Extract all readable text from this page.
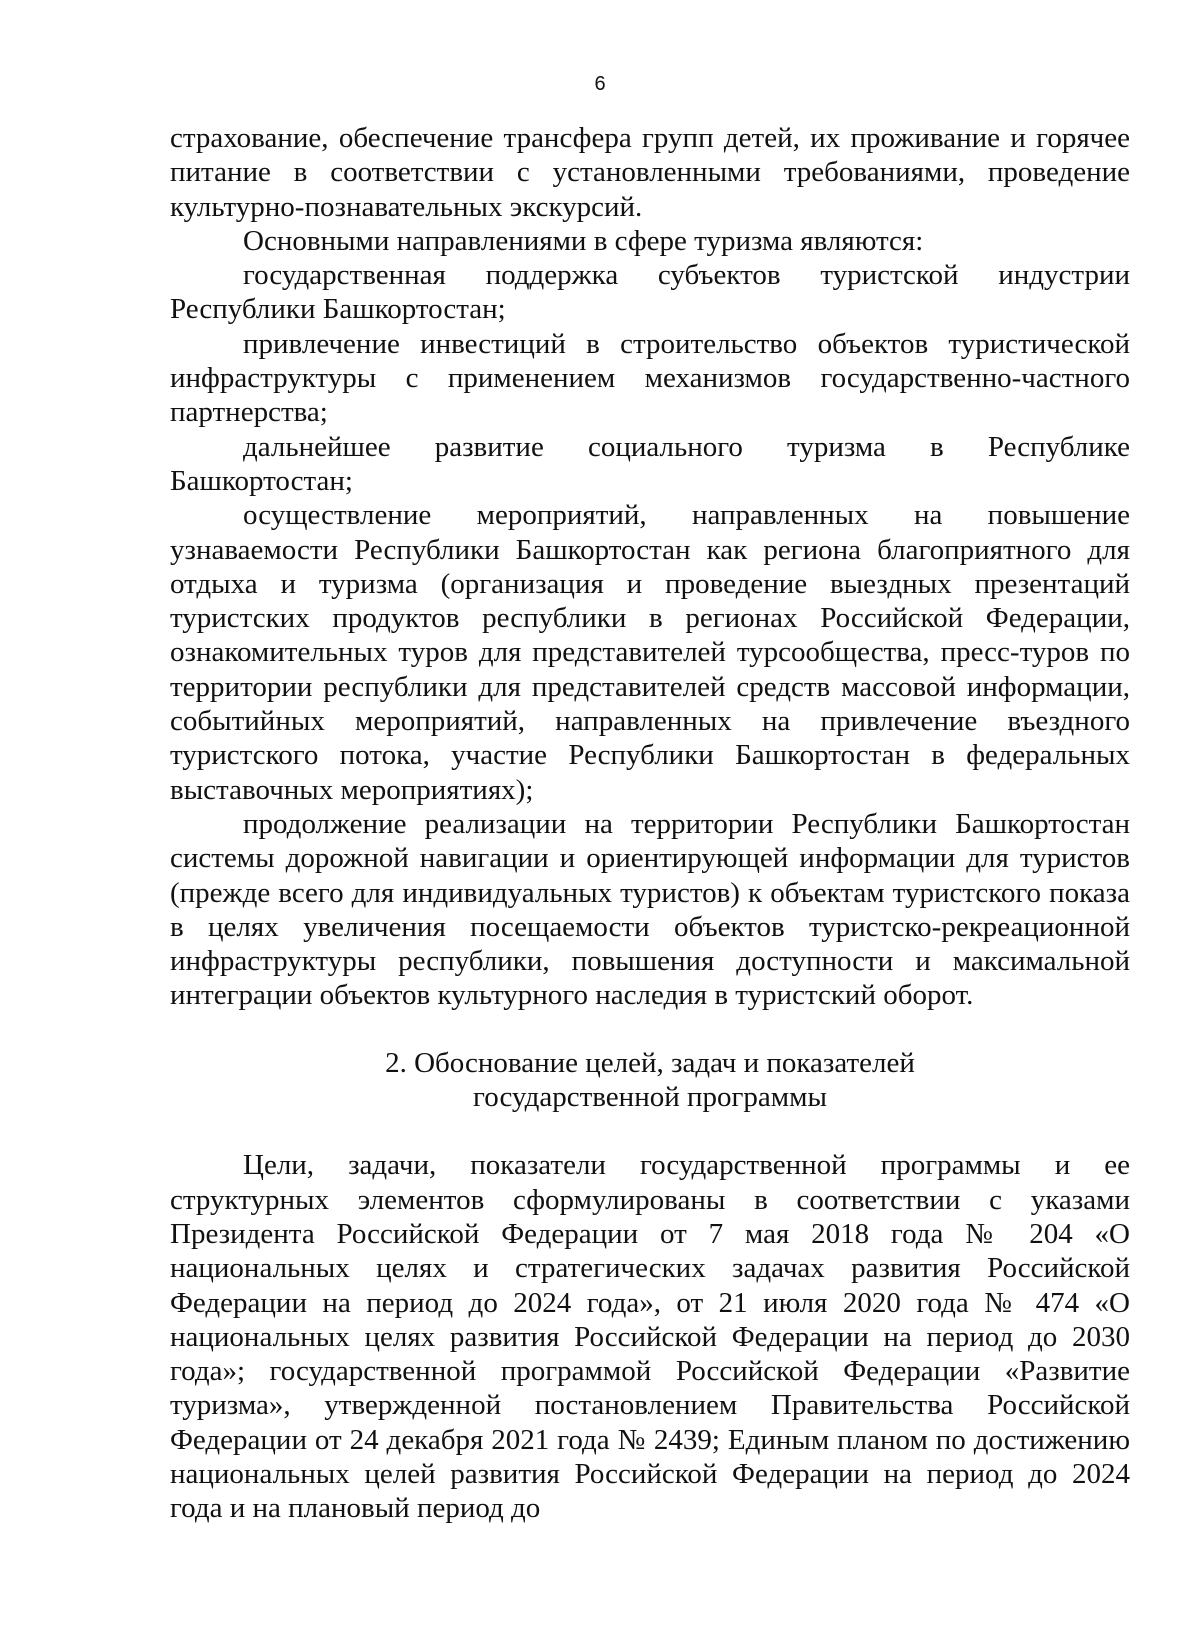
6

страхование, обеспечение трансфера групп детей, их проживание и горячее питание в соответствии с установленными требованиями, проведение культурно-познавательных экскурсий.

Основными направлениями в сфере туризма являются:

государственная поддержка субъектов туристской индустрии Республики Башкортостан;

привлечение инвестиций в строительство объектов туристической инфраструктуры с применением механизмов государственно-частного партнерства;

дальнейшее развитие социального туризма в Республике Башкортостан;

осуществление мероприятий, направленных на повышение узнаваемости Республики Башкортостан как региона благоприятного для отдыха и туризма (организация и проведение выездных презентаций туристских продуктов республики в регионах Российской Федерации, ознакомительных туров для представителей турсообщества, пресс-туров по территории республики для представителей средств массовой информации, событийных мероприятий, направленных на привлечение въездного туристского потока, участие Республики Башкортостан в федеральных выставочных мероприятиях);

продолжение реализации на территории Республики Башкортостан системы дорожной навигации и ориентирующей информации для туристов (прежде всего для индивидуальных туристов) к объектам туристского показа в целях увеличения посещаемости объектов туристско-рекреационной инфраструктуры республики, повышения доступности и максимальной интеграции объектов культурного наследия в туристский оборот.

2. Обоснование целей, задач и показателей
государственной программы

Цели, задачи, показатели государственной программы и ее структурных элементов сформулированы в соответствии с указами Президента Российской Федерации от 7 мая 2018 года № 204 «О национальных целях и стратегических задачах развития Российской Федерации на период до 2024 года», от 21 июля 2020 года № 474 «О национальных целях развития Российской Федерации на период до 2030 года»; государственной программой Российской Федерации «Развитие туризма», утвержденной постановлением Правительства Российской Федерации от 24 декабря 2021 года № 2439; Единым планом по достижению национальных целей развития Российской Федерации на период до 2024 года и на плановый период до
